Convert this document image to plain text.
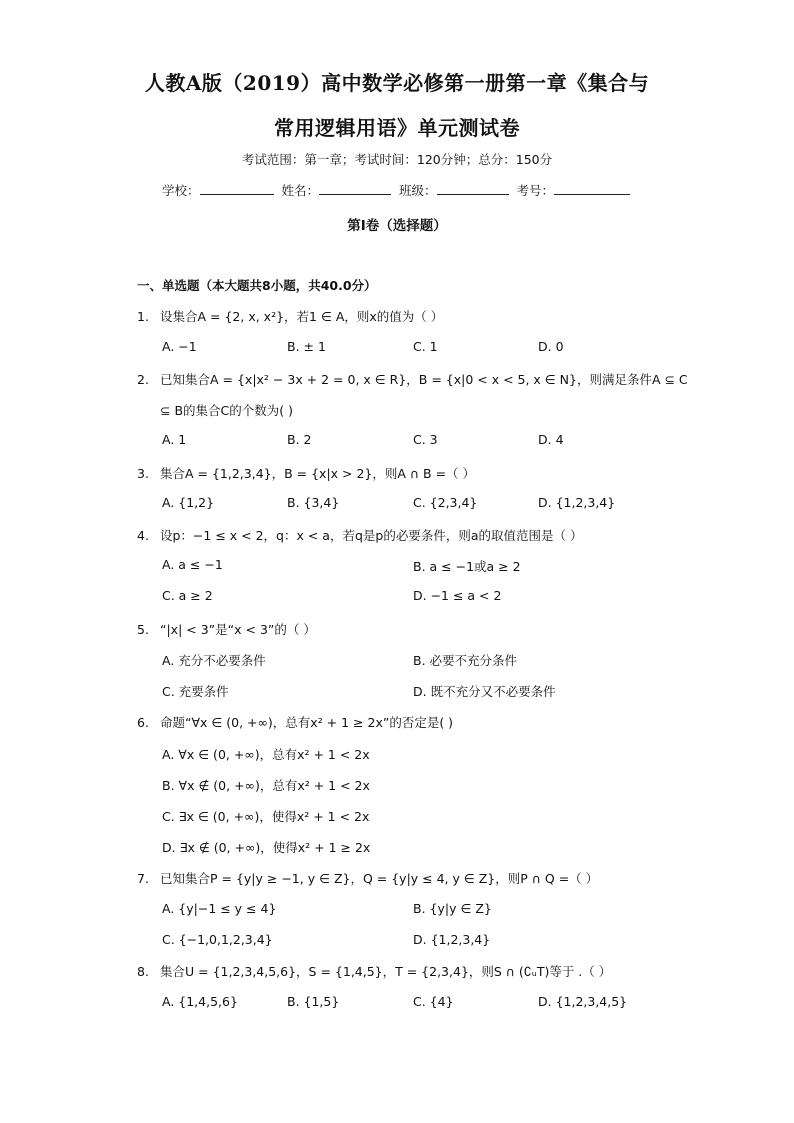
人教A版（2019）高中数学必修第一册第一章《集合与
常用逻辑用语》单元测试卷
考试范围：第一章；考试时间：120分钟；总分：150分
学校：	姓名：	班级：	考号：
第I卷（选择题）
一、单选题（本大题共8小题，共40.0分）
1. 设集合A = {2, x, x²}，若1 ∈ A，则x的值为（ ）
A. −1	B. ± 1	C. 1	D. 0
2. 已知集合A = {x|x² − 3x + 2 = 0, x ∈ R}，B = {x|0 < x < 5, x ∈ N}，则满足条件A ⊆ C
⊆ B的集合C的个数为( )
A. 1	B. 2	C. 3	D. 4
3. 集合A = {1,2,3,4}，B = {x|x > 2}，则A ∩ B =（ ）
A. {1,2}	B. {3,4}	C. {2,3,4}	D. {1,2,3,4}
4. 设p：−1 ≤ x < 2，q：x < a，若q是p的必要条件，则a的取值范围是（ ）
A. a ≤ −1	B. a ≤ −1或a ≥ 2
C. a ≥ 2	D. −1 ≤ a < 2
5. “|x| < 3”是“x < 3”的（ ）
A. 充分不必要条件	B. 必要不充分条件
C. 充要条件	D. 既不充分又不必要条件
6. 命题“∀x ∈ (0, +∞)，总有x² + 1 ≥ 2x”的否定是( )
A. ∀x ∈ (0, +∞)，总有x² + 1 < 2x
B. ∀x ∉ (0, +∞)，总有x² + 1 < 2x
C. ∃x ∈ (0, +∞)，使得x² + 1 < 2x
D. ∃x ∉ (0, +∞)，使得x² + 1 ≥ 2x
7. 已知集合P = {y|y ≥ −1, y ∈ Z}，Q = {y|y ≤ 4, y ∈ Z}，则P ∩ Q =（ ）
A. {y|−1 ≤ y ≤ 4}	B. {y|y ∈ Z}
C. {−1,0,1,2,3,4}	D. {1,2,3,4}
8. 集合U = {1,2,3,4,5,6}，S = {1,4,5}，T = {2,3,4}，则S ∩ (∁ᵤT)等于 .（ ）
A. {1,4,5,6}	B. {1,5}	C. {4}	D. {1,2,3,4,5}
